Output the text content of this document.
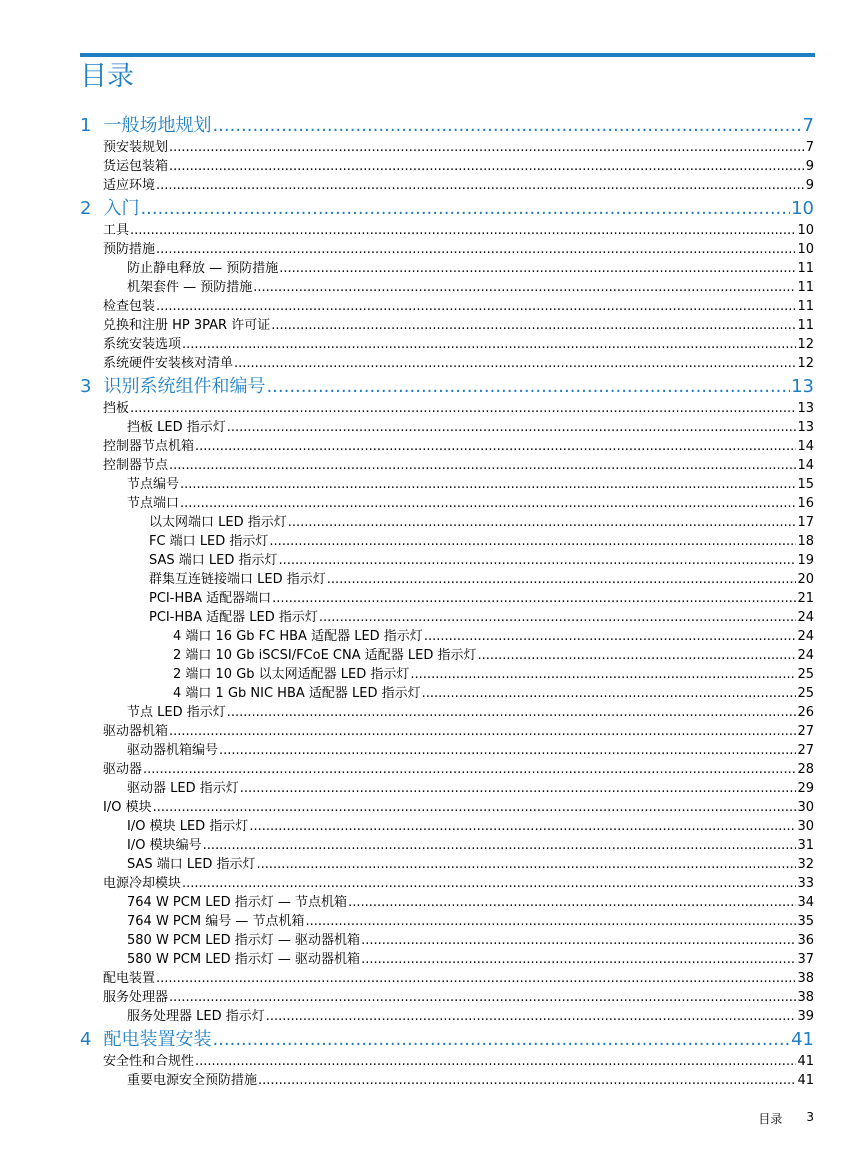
目录
1 一般场地规划 .....	7
预安装规划 .....	7
货运包装箱 .....	9
适应环境 .....	9
2 入门 .....	10
工具 .....	10
预防措施 .....	10
防止静电释放 — 预防措施 .....	11
机架套件 — 预防措施 .....	11
检查包装 .....	11
兑换和注册 HP 3PAR 许可证 .....	11
系统安装选项 .....	12
系统硬件安装核对清单 .....	12
3 识别系统组件和编号 .....	13
挡板 .....	13
挡板 LED 指示灯 .....	13
控制器节点机箱 .....	14
控制器节点 .....	14
节点编号 .....	15
节点端口 .....	16
以太网端口 LED 指示灯 .....	17
FC 端口 LED 指示灯 .....	18
SAS 端口 LED 指示灯 .....	19
群集互连链接端口 LED 指示灯 .....	20
PCI-HBA 适配器端口 .....	21
PCI-HBA 适配器 LED 指示灯 .....	24
4 端口 16 Gb FC HBA 适配器 LED 指示灯 .....	24
2 端口 10 Gb iSCSI/FCoE CNA 适配器 LED 指示灯 .....	24
2 端口 10 Gb 以太网适配器 LED 指示灯 .....	25
4 端口 1 Gb NIC HBA 适配器 LED 指示灯 .....	25
节点 LED 指示灯 .....	26
驱动器机箱 .....	27
驱动器机箱编号 .....	27
驱动器 .....	28
驱动器 LED 指示灯 .....	29
I/O 模块 .....	30
I/O 模块 LED 指示灯 .....	30
I/O 模块编号 .....	31
SAS 端口 LED 指示灯 .....	32
电源冷却模块 .....	33
764 W PCM LED 指示灯 — 节点机箱 .....	34
764 W PCM 编号 — 节点机箱 .....	35
580 W PCM LED 指示灯 — 驱动器机箱 .....	36
580 W PCM LED 指示灯 — 驱动器机箱 .....	37
配电装置 .....	38
服务处理器 .....	38
服务处理器 LED 指示灯 .....	39
4 配电装置安装 .....	41
安全性和合规性 .....	41
重要电源安全预防措施 .....	41
目录 3
